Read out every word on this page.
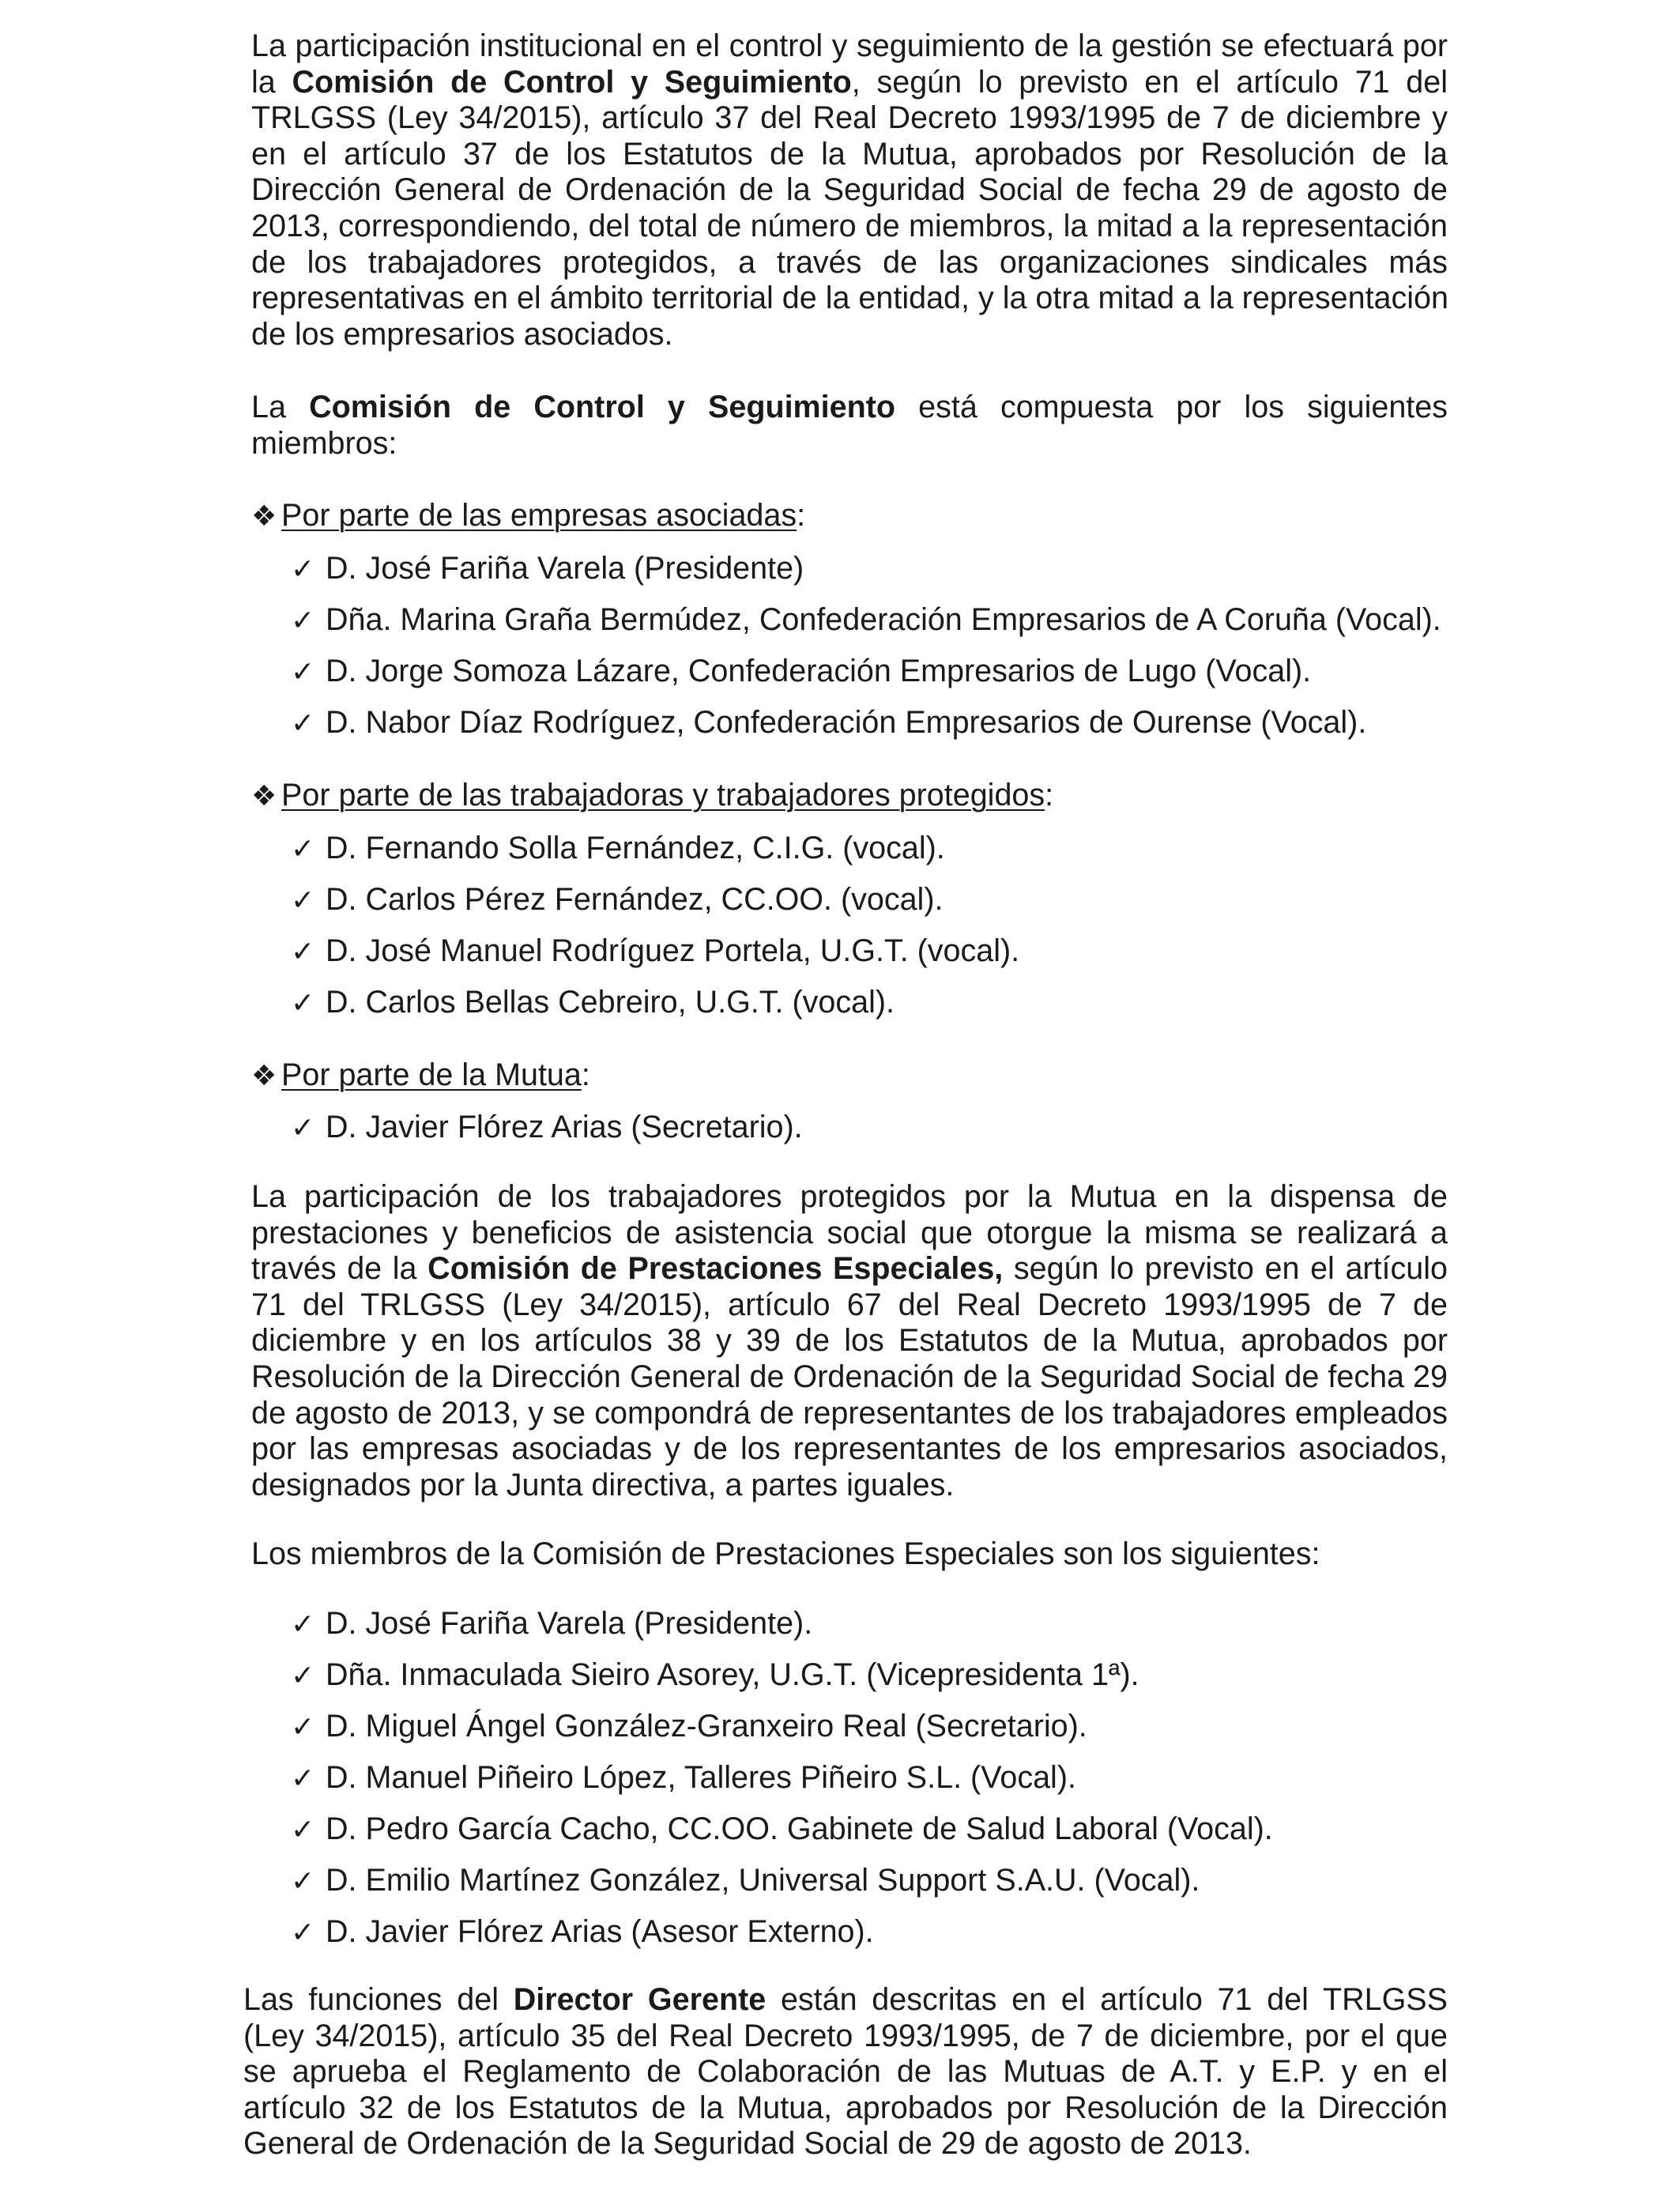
La participación institucional en el control y seguimiento de la gestión se efectuará por
la Comisión de Control y Seguimiento, según lo previsto en el artículo 71 del
TRLGSS (Ley 34/2015), artículo 37 del Real Decreto 1993/1995 de 7 de diciembre y
en el artículo 37 de los Estatutos de la Mutua, aprobados por Resolución de la
Dirección General de Ordenación de la Seguridad Social de fecha 29 de agosto de
2013, correspondiendo, del total de número de miembros, la mitad a la representación
de los trabajadores protegidos, a través de las organizaciones sindicales más
representativas en el ámbito territorial de la entidad, y la otra mitad a la representación
de los empresarios asociados.
La Comisión de Control y Seguimiento está compuesta por los siguientes
miembros:
❖ Por parte de las empresas asociadas:
✓ D. José Fariña Varela (Presidente)
✓ Dña. Marina Graña Bermúdez, Confederación Empresarios de A Coruña (Vocal).
✓ D. Jorge Somoza Lázare, Confederación Empresarios de Lugo (Vocal).
✓ D. Nabor Díaz Rodríguez, Confederación Empresarios de Ourense (Vocal).
❖ Por parte de las trabajadoras y trabajadores protegidos:
✓ D. Fernando Solla Fernández, C.I.G. (vocal).
✓ D. Carlos Pérez Fernández, CC.OO. (vocal).
✓ D. José Manuel Rodríguez Portela, U.G.T. (vocal).
✓ D. Carlos Bellas Cebreiro, U.G.T. (vocal).
❖ Por parte de la Mutua:
✓ D. Javier Flórez Arias (Secretario).
La participación de los trabajadores protegidos por la Mutua en la dispensa de
prestaciones y beneficios de asistencia social que otorgue la misma se realizará a
través de la Comisión de Prestaciones Especiales, según lo previsto en el artículo
71 del TRLGSS (Ley 34/2015), artículo 67 del Real Decreto 1993/1995 de 7 de
diciembre y en los artículos 38 y 39 de los Estatutos de la Mutua, aprobados por
Resolución de la Dirección General de Ordenación de la Seguridad Social de fecha 29
de agosto de 2013, y se compondrá de representantes de los trabajadores empleados
por las empresas asociadas y de los representantes de los empresarios asociados,
designados por la Junta directiva, a partes iguales.
Los miembros de la Comisión de Prestaciones Especiales son los siguientes:
✓ D. José Fariña Varela (Presidente).
✓ Dña. Inmaculada Sieiro Asorey, U.G.T. (Vicepresidenta 1ª).
✓ D. Miguel Ángel González-Granxeiro Real (Secretario).
✓ D. Manuel Piñeiro López, Talleres Piñeiro S.L. (Vocal).
✓ D. Pedro García Cacho, CC.OO. Gabinete de Salud Laboral (Vocal).
✓ D. Emilio Martínez González, Universal Support S.A.U. (Vocal).
✓ D. Javier Flórez Arias (Asesor Externo).
Las funciones del Director Gerente están descritas en el artículo 71 del TRLGSS
(Ley 34/2015), artículo 35 del Real Decreto 1993/1995, de 7 de diciembre, por el que
se aprueba el Reglamento de Colaboración de las Mutuas de A.T. y E.P. y en el
artículo 32 de los Estatutos de la Mutua, aprobados por Resolución de la Dirección
General de Ordenación de la Seguridad Social de 29 de agosto de 2013.
